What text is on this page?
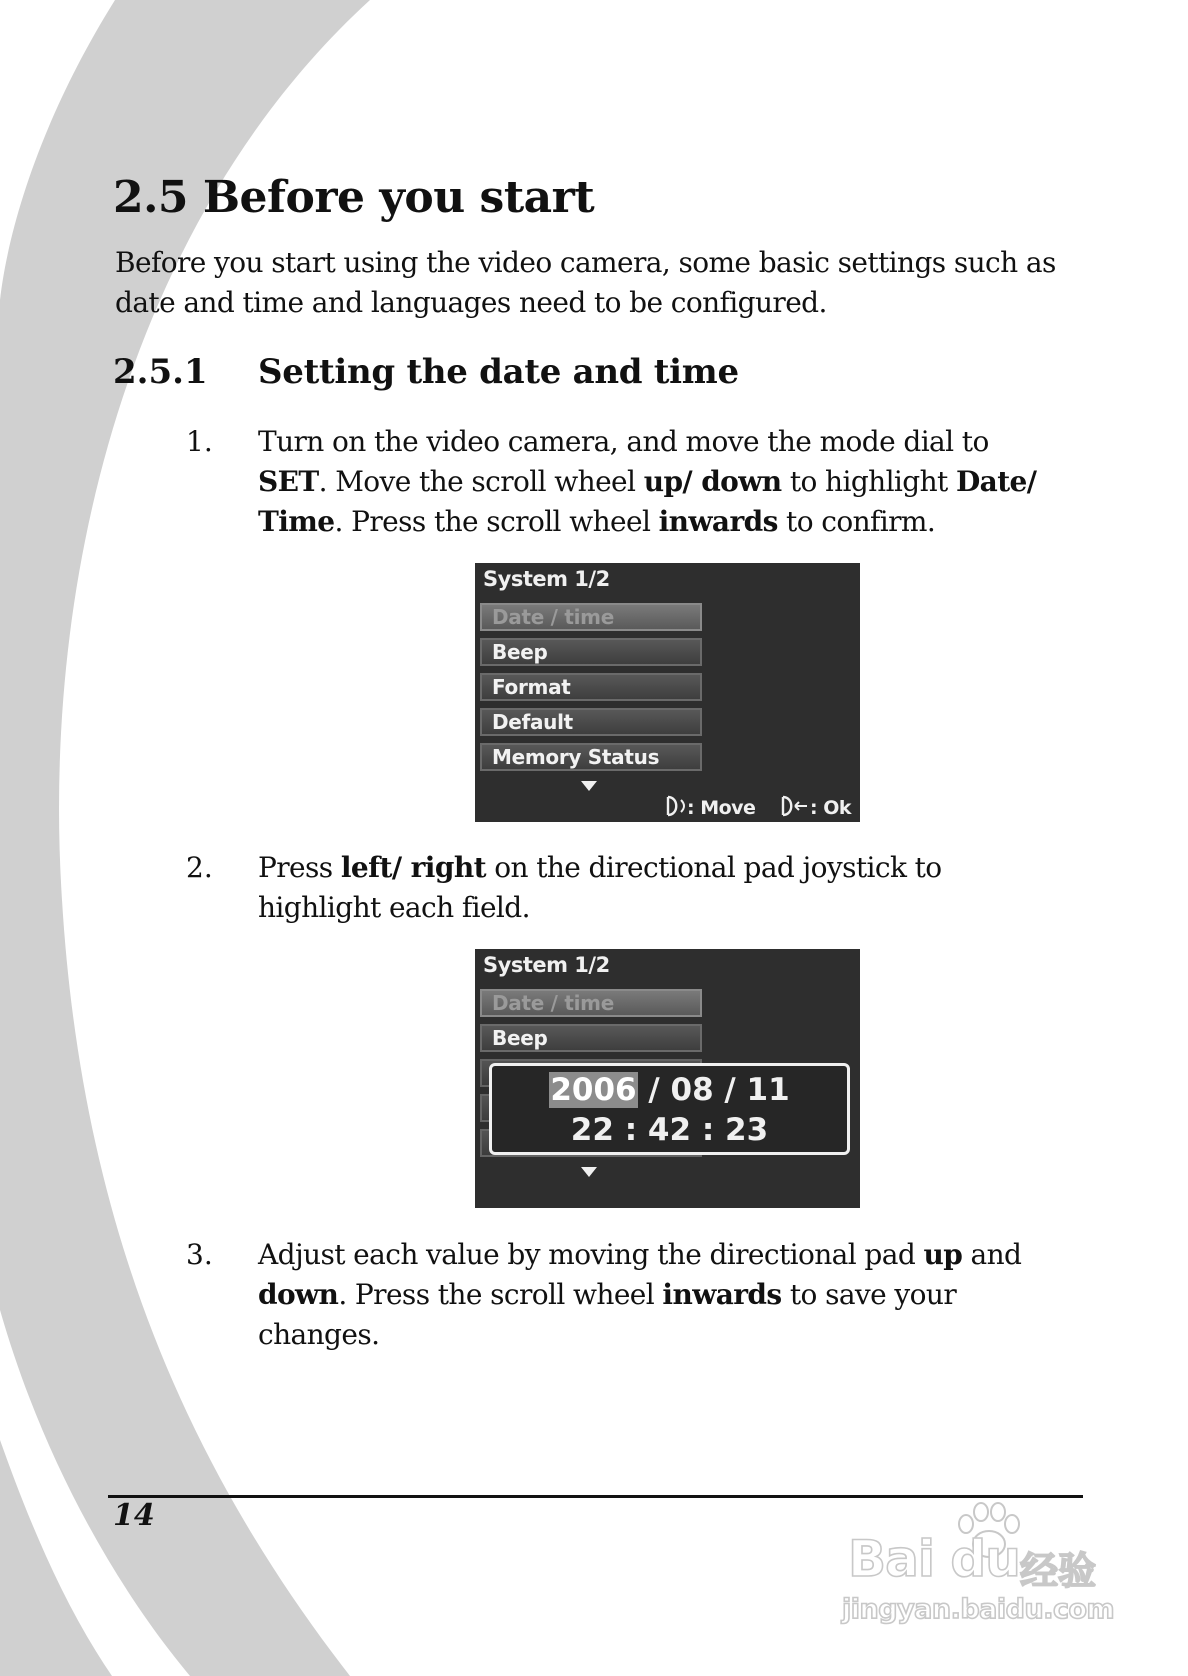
2.5 Before you start

Before you start using the video camera, some basic settings such as
date and time and languages need to be configured.

2.5.1 Setting the date and time
1. Turn on the video camera, and move the mode dial to
SET. Move the scroll wheel up/ down to highlight Date/
Time. Press the scroll wheel inwards to confirm.

System 1/2
Date / time
Beep
Format
Default
Memory Status
: Move	: Ok
2. Press left/ right on the directional pad joystick to
highlight each field.

System 1/2
Date / time
Beep
2006 / 08 / 11
22 : 42 : 23
3. Adjust each value by moving the directional pad up and
down. Press the scroll wheel inwards to save your
changes.

14
Bai du 经验
jingyan.baidu.com
